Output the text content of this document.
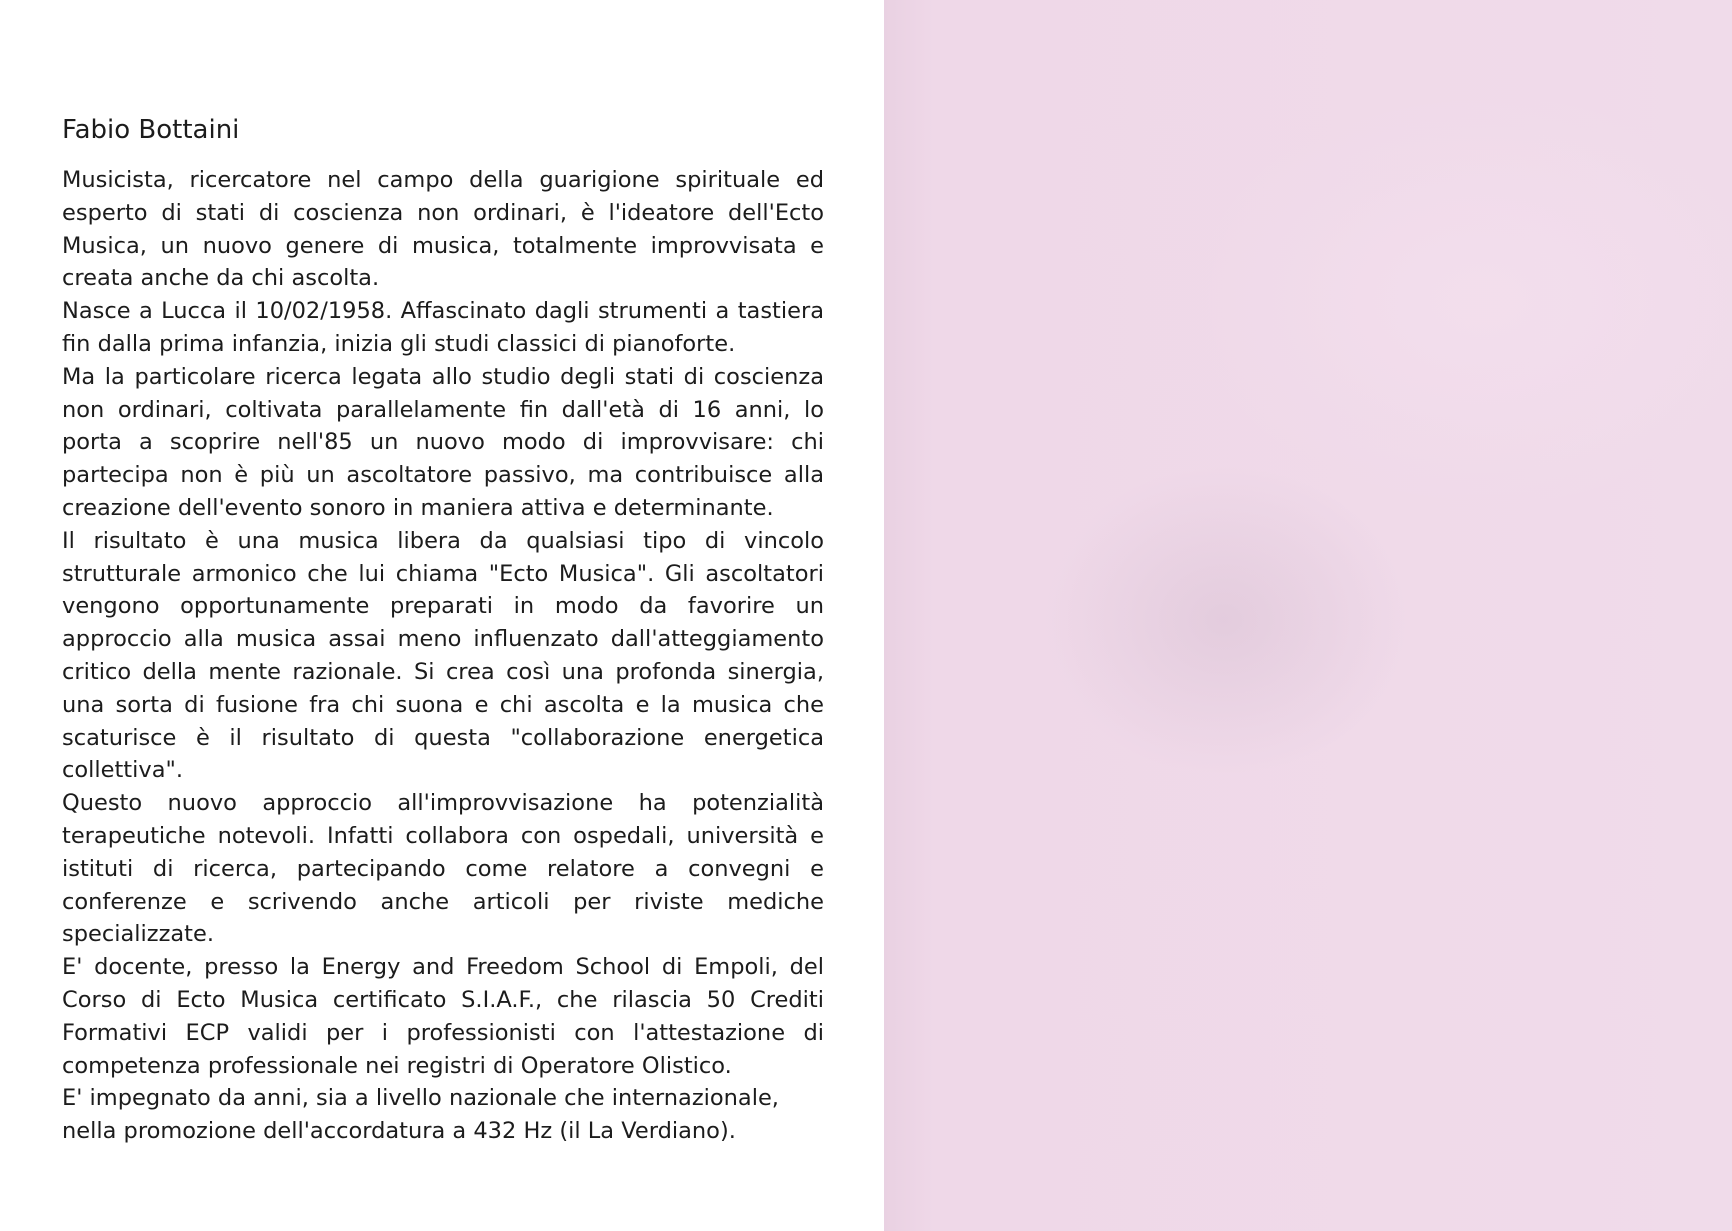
Fabio Bottaini

Musicista, ricercatore nel campo della guarigione spirituale ed esperto di stati di coscienza non ordinari, è l'ideatore dell'Ecto Musica, un nuovo genere di musica, totalmente improvvisata e creata anche da chi ascolta.

Nasce a Lucca il 10/02/1958. Affascinato dagli strumenti a tastiera fin dalla prima infanzia, inizia gli studi classici di pianoforte.

Ma la particolare ricerca legata allo studio degli stati di coscienza non ordinari, coltivata parallelamente fin dall'età di 16 anni, lo porta a scoprire nell'85 un nuovo modo di improvvisare: chi partecipa non è più un ascoltatore passivo, ma contribuisce alla creazione dell'evento sonoro in maniera attiva e determinante.

Il risultato è una musica libera da qualsiasi tipo di vincolo strutturale armonico che lui chiama "Ecto Musica". Gli ascoltatori vengono opportunamente preparati in modo da favorire un approccio alla musica assai meno influenzato dall'atteggiamento critico della mente razionale. Si crea così una profonda sinergia, una sorta di fusione fra chi suona e chi ascolta e la musica che scaturisce è il risultato di questa "collaborazione energetica collettiva".

Questo nuovo approccio all'improvvisazione ha potenzialità terapeutiche notevoli. Infatti collabora con ospedali, università e istituti di ricerca, partecipando come relatore a convegni e conferenze e scrivendo anche articoli per riviste mediche specializzate.

E' docente, presso la Energy and Freedom School di Empoli, del Corso di Ecto Musica certificato S.I.A.F., che rilascia 50 Crediti Formativi ECP validi per i professionisti con l'attestazione di competenza professionale nei registri di Operatore Olistico.

E' impegnato da anni, sia a livello nazionale che internazionale, nella promozione dell'accordatura a 432 Hz (il La Verdiano).
